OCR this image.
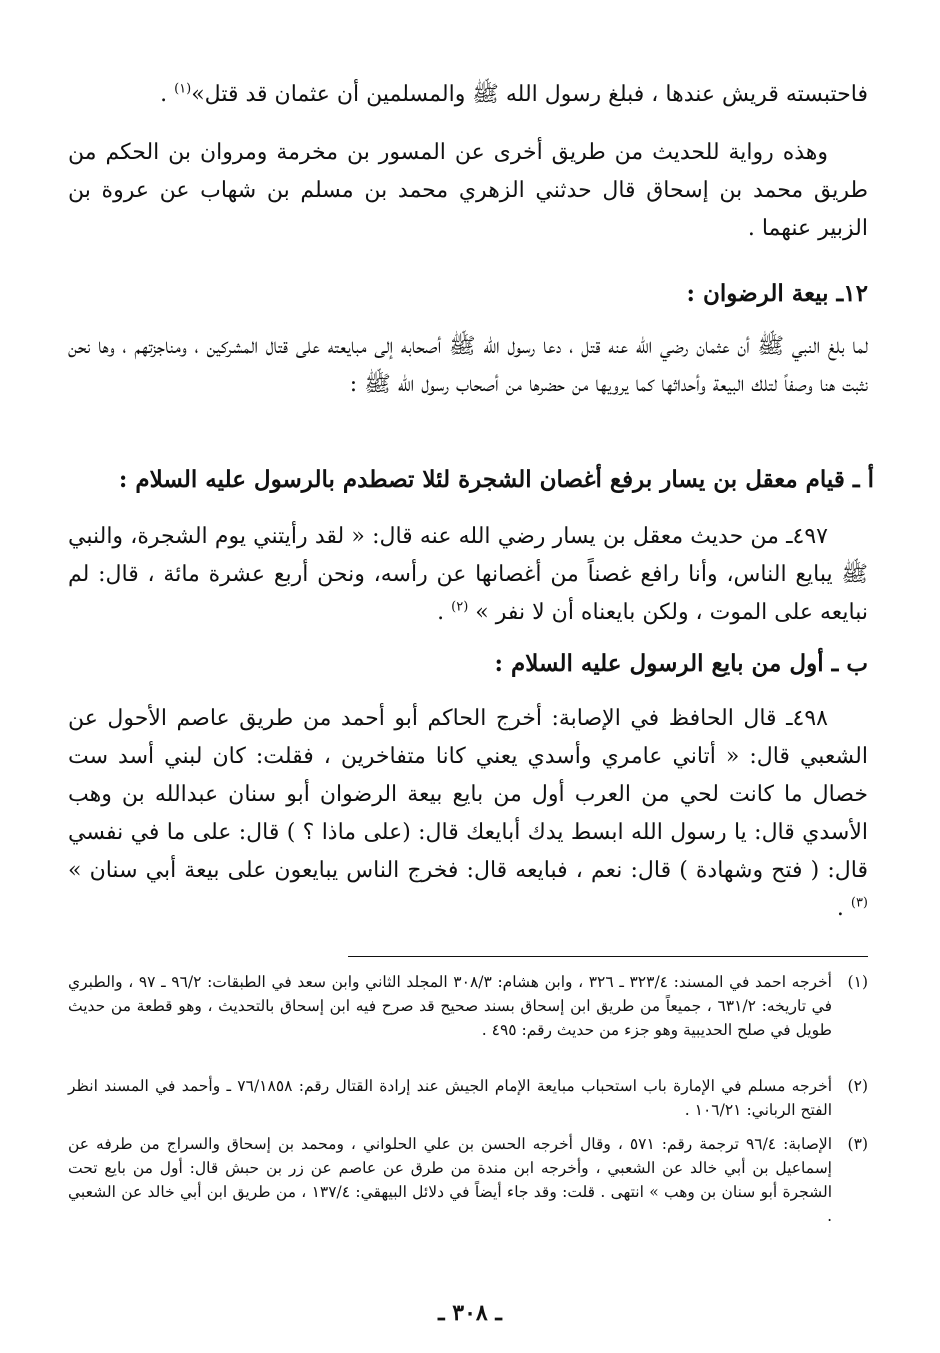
فاحتبسته قريش عندها ، فبلغ رسول الله ﷺ والمسلمين أن عثمان قد قتل»$^{(١)}$ .
وهذه رواية للحديث من طريق أخرى عن المسور بن مخرمة ومروان بن الحكم من طريق محمد بن إسحاق قال حدثني الزهري محمد بن مسلم بن شهاب عن عروة بن الزبير عنهما .
١٢ـ بيعة الرضوان :
لما بلغ النبي ﷺ أن عثمان رضي الله عنه قتل ، دعا رسول الله ﷺ أصحابه إلى مبايعته على قتال المشركين ، ومناجزتهم ، وها نحن نثبت هنا وصفاً لتلك البيعة وأحداثها كما يرويها من حضرها من أصحاب رسول الله ﷺ :
أ ـ قيام معقل بن يسار برفع أغصان الشجرة لئلا تصطدم بالرسول عليه السلام :
٤٩٧ـ من حديث معقل بن يسار رضي الله عنه قال: « لقد رأيتني يوم الشجرة، والنبي ﷺ يبايع الناس، وأنا رافع غصناً من أغصانها عن رأسه، ونحن أربع عشرة مائة ، قال: لم نبايعه على الموت ، ولكن بايعناه أن لا نفر » $^{(٢)}$ .
ب ـ أول من بايع الرسول عليه السلام :
٤٩٨ـ قال الحافظ في الإصابة: أخرج الحاكم أبو أحمد من طريق عاصم الأحول عن الشعبي قال: « أتاني عامري وأسدي يعني كانا متفاخرين ، فقلت: كان لبني أسد ست خصال ما كانت لحي من العرب أول من بايع بيعة الرضوان أبو سنان عبدالله بن وهب الأسدي قال: يا رسول الله ابسط يدك أبايعك قال: (على ماذا ؟ ) قال: على ما في نفسي قال: ( فتح وشهادة ) قال: نعم ، فبايعه قال: فخرج الناس يبايعون على بيعة أبي سنان » $^{(٣)}$ .
(١)
أخرجه احمد في المسند: ٣٢٣/٤ ـ ٣٢٦ ، وابن هشام: ٣٠٨/٣ المجلد الثاني وابن سعد في الطبقات: ٩٦/٢ ـ ٩٧ ، والطبري في تاريخه: ٦٣١/٢ ، جميعاً من طريق ابن إسحاق بسند صحيح قد صرح فيه ابن إسحاق بالتحديث ، وهو قطعة من حديث طويل في صلح الحديبية وهو جزء من حديث رقم: ٤٩٥ .
(٢)
أخرجه مسلم في الإمارة باب استحباب مبايعة الإمام الجيش عند إرادة القتال رقم: ٧٦/١٨٥٨ ـ وأحمد في المسند انظر الفتح الرباني: ١٠٦/٢١ .
(٣)
الإصابة: ٩٦/٤ ترجمة رقم: ٥٧١ ، وقال أخرجه الحسن بن علي الحلواني ، ومحمد بن إسحاق والسراج من طرفه عن إسماعيل بن أبي خالد عن الشعبي ، وأخرجه ابن مندة من طرق عن عاصم عن زر بن حبش قال: أول من بايع تحت الشجرة أبو سنان بن وهب » انتهى . قلت: وقد جاء أيضاً في دلائل البيهقي: ١٣٧/٤ ، من طريق ابن أبي خالد عن الشعبي .
ـ ٣٠٨ ـ
